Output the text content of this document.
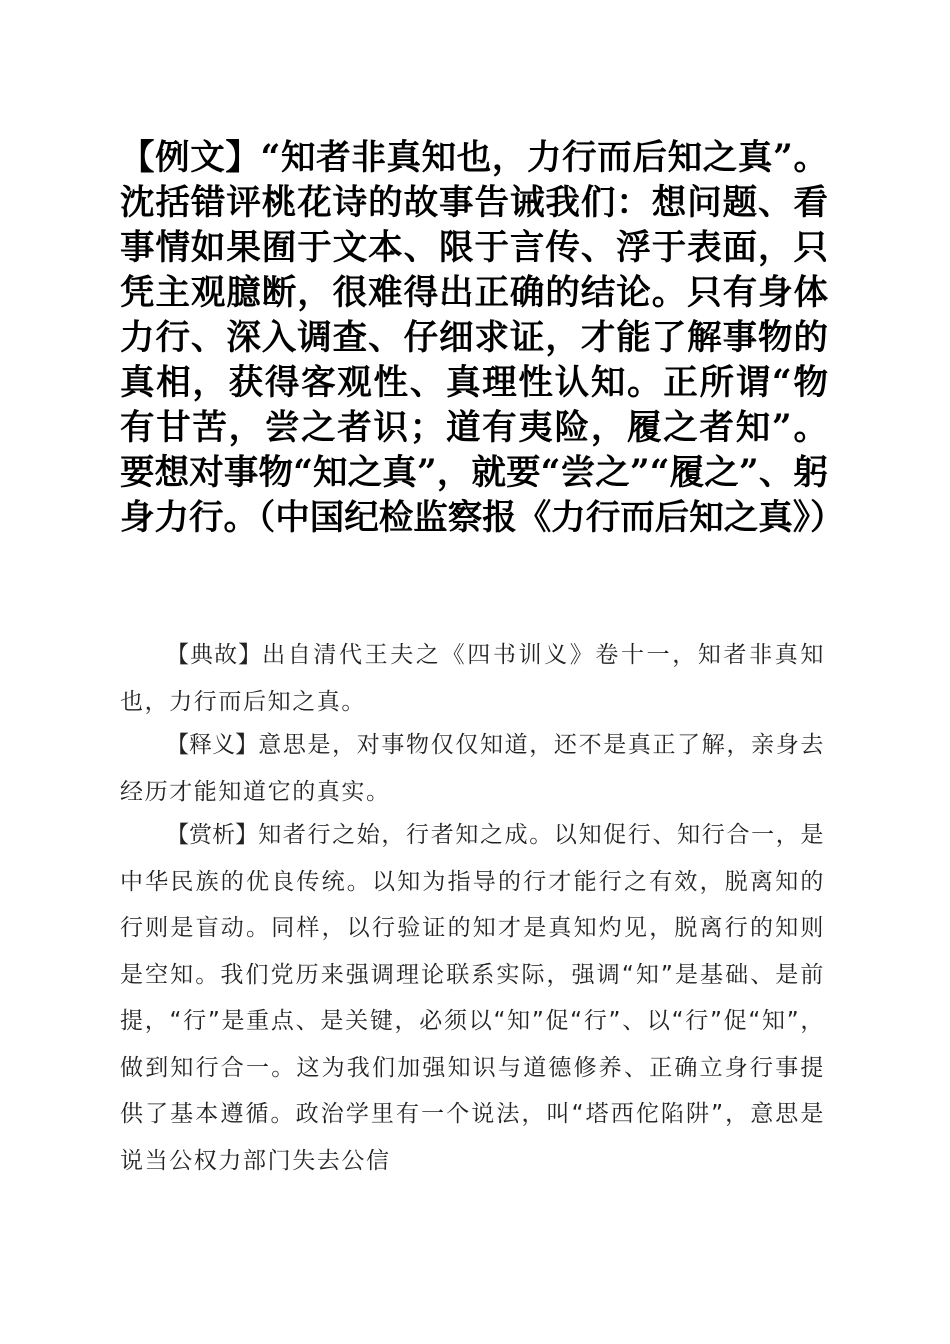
【例文】“知者非真知也，力行而后知之真”。沈括错评桃花诗的故事告诫我们：想问题、看事情如果囿于文本、限于言传、浮于表面，只凭主观臆断，很难得出正确的结论。只有身体力行、深入调查、仔细求证，才能了解事物的真相，获得客观性、真理性认知。正所谓“物有甘苦，尝之者识；道有夷险，履之者知”。要想对事物“知之真”，就要“尝之”“履之”、躬身力行。（中国纪检监察报《力行而后知之真》）

【典故】出自清代王夫之《四书训义》卷十一，知者非真知也，力行而后知之真。

【释义】意思是，对事物仅仅知道，还不是真正了解，亲身去经历才能知道它的真实。

【赏析】知者行之始，行者知之成。以知促行、知行合一，是中华民族的优良传统。以知为指导的行才能行之有效，脱离知的行则是盲动。同样，以行验证的知才是真知灼见，脱离行的知则是空知。我们党历来强调理论联系实际，强调“知”是基础、是前提，“行”是重点、是关键，必须以“知”促“行”、以“行”促“知”，做到知行合一。这为我们加强知识与道德修养、正确立身行事提供了基本遵循。政治学里有一个说法，叫“塔西佗陷阱”，意思是说当公权力部门失去公信
